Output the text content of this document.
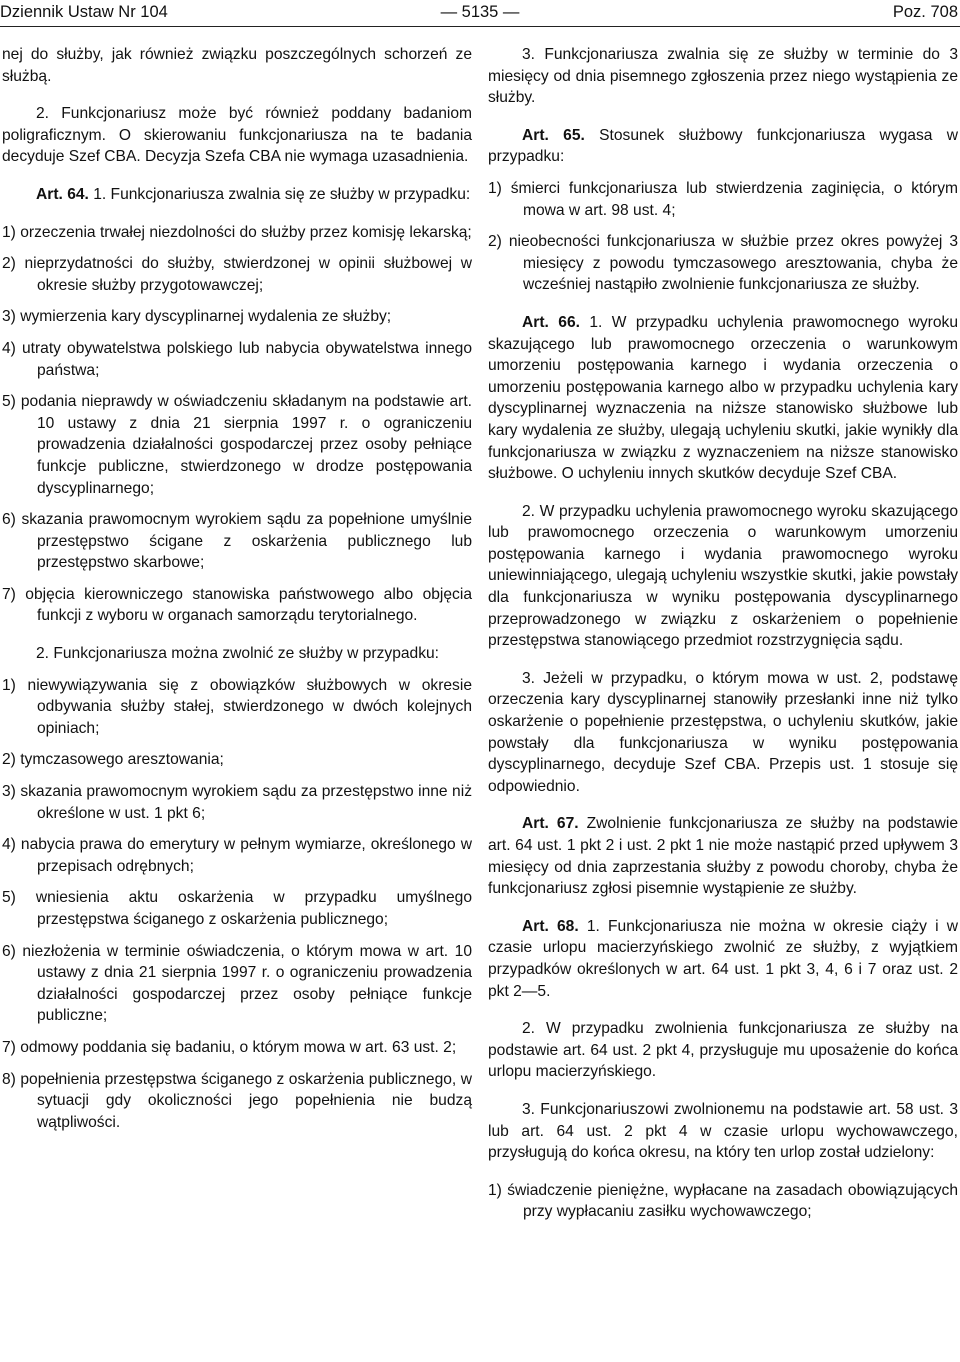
Dziennik Ustaw Nr 104	— 5135 —	Poz. 708

nej do służby, jak również związku poszczególnych schorzeń ze służbą.

2. Funkcjonariusz może być również poddany badaniom poligraficznym. O skierowaniu funkcjonariusza na te badania decyduje Szef CBA. Decyzja Szefa CBA nie wymaga uzasadnienia.

Art. 64. 1. Funkcjonariusza zwalnia się ze służby w przypadku:

1) orzeczenia trwałej niezdolności do służby przez komisję lekarską;
2) nieprzydatności do służby, stwierdzonej w opinii służbowej w okresie służby przygotowawczej;
3) wymierzenia kary dyscyplinarnej wydalenia ze służby;
4) utraty obywatelstwa polskiego lub nabycia obywatelstwa innego państwa;
5) podania nieprawdy w oświadczeniu składanym na podstawie art. 10 ustawy z dnia 21 sierpnia 1997 r. o ograniczeniu prowadzenia działalności gospodarczej przez osoby pełniące funkcje publiczne, stwierdzonego w drodze postępowania dyscyplinarnego;
6) skazania prawomocnym wyrokiem sądu za popełnione umyślnie przestępstwo ścigane z oskarżenia publicznego lub przestępstwo skarbowe;
7) objęcia kierowniczego stanowiska państwowego albo objęcia funkcji z wyboru w organach samorządu terytorialnego.

2. Funkcjonariusza można zwolnić ze służby w przypadku:

1) niewywiązywania się z obowiązków służbowych w okresie odbywania służby stałej, stwierdzonego w dwóch kolejnych opiniach;
2) tymczasowego aresztowania;
3) skazania prawomocnym wyrokiem sądu za przestępstwo inne niż określone w ust. 1 pkt 6;
4) nabycia prawa do emerytury w pełnym wymiarze, określonego w przepisach odrębnych;
5) wniesienia aktu oskarżenia w przypadku umyślnego przestępstwa ściganego z oskarżenia publicznego;
6) niezłożenia w terminie oświadczenia, o którym mowa w art. 10 ustawy z dnia 21 sierpnia 1997 r. o ograniczeniu prowadzenia działalności gospodarczej przez osoby pełniące funkcje publiczne;
7) odmowy poddania się badaniu, o którym mowa w art. 63 ust. 2;
8) popełnienia przestępstwa ściganego z oskarżenia publicznego, w sytuacji gdy okoliczności jego popełnienia nie budzą wątpliwości.

3. Funkcjonariusza zwalnia się ze służby w terminie do 3 miesięcy od dnia pisemnego zgłoszenia przez niego wystąpienia ze służby.

Art. 65. Stosunek służbowy funkcjonariusza wygasa w przypadku:

1) śmierci funkcjonariusza lub stwierdzenia zaginięcia, o którym mowa w art. 98 ust. 4;
2) nieobecności funkcjonariusza w służbie przez okres powyżej 3 miesięcy z powodu tymczasowego aresztowania, chyba że wcześniej nastąpiło zwolnienie funkcjonariusza ze służby.

Art. 66. 1. W przypadku uchylenia prawomocnego wyroku skazującego lub prawomocnego orzeczenia o warunkowym umorzeniu postępowania karnego i wydania orzeczenia o umorzeniu postępowania karnego albo w przypadku uchylenia kary dyscyplinarnej wyznaczenia na niższe stanowisko służbowe lub kary wydalenia ze służby, ulegają uchyleniu skutki, jakie wynikły dla funkcjonariusza w związku z wyznaczeniem na niższe stanowisko służbowe. O uchyleniu innych skutków decyduje Szef CBA.

2. W przypadku uchylenia prawomocnego wyroku skazującego lub prawomocnego orzeczenia o warunkowym umorzeniu postępowania karnego i wydania prawomocnego wyroku uniewinniającego, ulegają uchyleniu wszystkie skutki, jakie powstały dla funkcjonariusza w wyniku postępowania dyscyplinarnego przeprowadzonego w związku z oskarżeniem o popełnienie przestępstwa stanowiącego przedmiot rozstrzygnięcia sądu.

3. Jeżeli w przypadku, o którym mowa w ust. 2, podstawę orzeczenia kary dyscyplinarnej stanowiły przesłanki inne niż tylko oskarżenie o popełnienie przestępstwa, o uchyleniu skutków, jakie powstały dla funkcjonariusza w wyniku postępowania dyscyplinarnego, decyduje Szef CBA. Przepis ust. 1 stosuje się odpowiednio.

Art. 67. Zwolnienie funkcjonariusza ze służby na podstawie art. 64 ust. 1 pkt 2 i ust. 2 pkt 1 nie może nastąpić przed upływem 3 miesięcy od dnia zaprzestania służby z powodu choroby, chyba że funkcjonariusz zgłosi pisemnie wystąpienie ze służby.

Art. 68. 1. Funkcjonariusza nie można w okresie ciąży i w czasie urlopu macierzyńskiego zwolnić ze służby, z wyjątkiem przypadków określonych w art. 64 ust. 1 pkt 3, 4, 6 i 7 oraz ust. 2 pkt 2—5.

2. W przypadku zwolnienia funkcjonariusza ze służby na podstawie art. 64 ust. 2 pkt 4, przysługuje mu uposażenie do końca urlopu macierzyńskiego.

3. Funkcjonariuszowi zwolnionemu na podstawie art. 58 ust. 3 lub art. 64 ust. 2 pkt 4 w czasie urlopu wychowawczego, przysługują do końca okresu, na który ten urlop został udzielony:

1) świadczenie pieniężne, wypłacane na zasadach obowiązujących przy wypłacaniu zasiłku wychowawczego;
